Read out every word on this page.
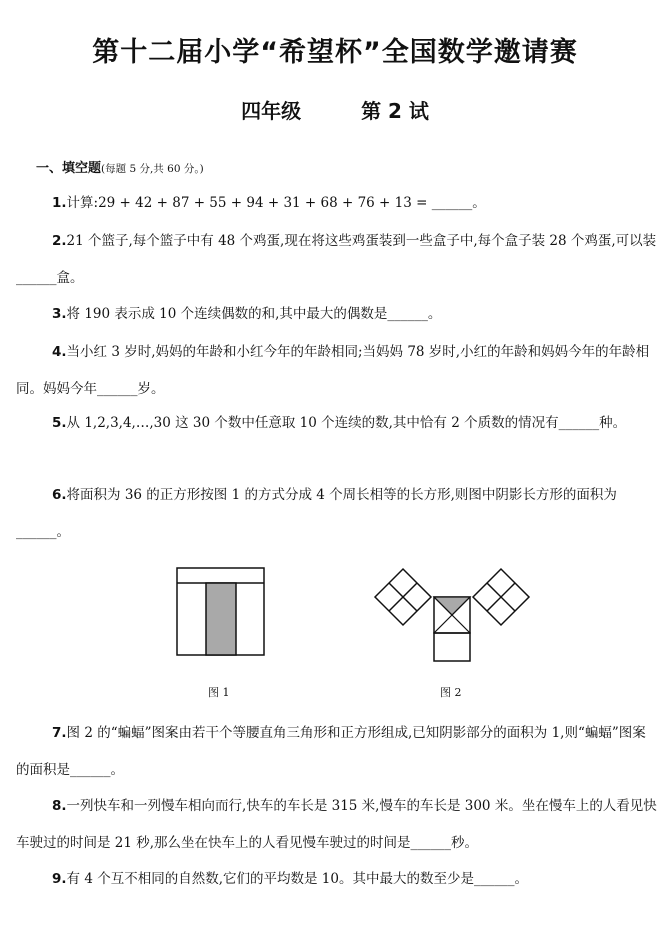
第十二届小学“希望杯”全国数学邀请赛
四年级	第 2 试
一、填空题(每题 5 分,共 60 分。)
1.计算:29 + 42 + 87 + 55 + 94 + 31 + 68 + 76 + 13 = ______。
2.21 个篮子,每个篮子中有 48 个鸡蛋,现在将这些鸡蛋装到一些盒子中,每个盒子装 28 个鸡蛋,可以装______盒。
3.将 190 表示成 10 个连续偶数的和,其中最大的偶数是______。
4.当小红 3 岁时,妈妈的年龄和小红今年的年龄相同;当妈妈 78 岁时,小红的年龄和妈妈今年的年龄相同。妈妈今年______岁。
5.从 1,2,3,4,…,30 这 30 个数中任意取 10 个连续的数,其中恰有 2 个质数的情况有______种。
6.将面积为 36 的正方形按图 1 的方式分成 4 个周长相等的长方形,则图中阴影长方形的面积为______。
图 1	图 2
7.图 2 的“蝙蝠”图案由若干个等腰直角三角形和正方形组成,已知阴影部分的面积为 1,则“蝙蝠”图案的面积是______。
8.一列快车和一列慢车相向而行,快车的车长是 315 米,慢车的车长是 300 米。坐在慢车上的人看见快车驶过的时间是 21 秒,那么坐在快车上的人看见慢车驶过的时间是______秒。
9.有 4 个互不相同的自然数,它们的平均数是 10。其中最大的数至少是______。
